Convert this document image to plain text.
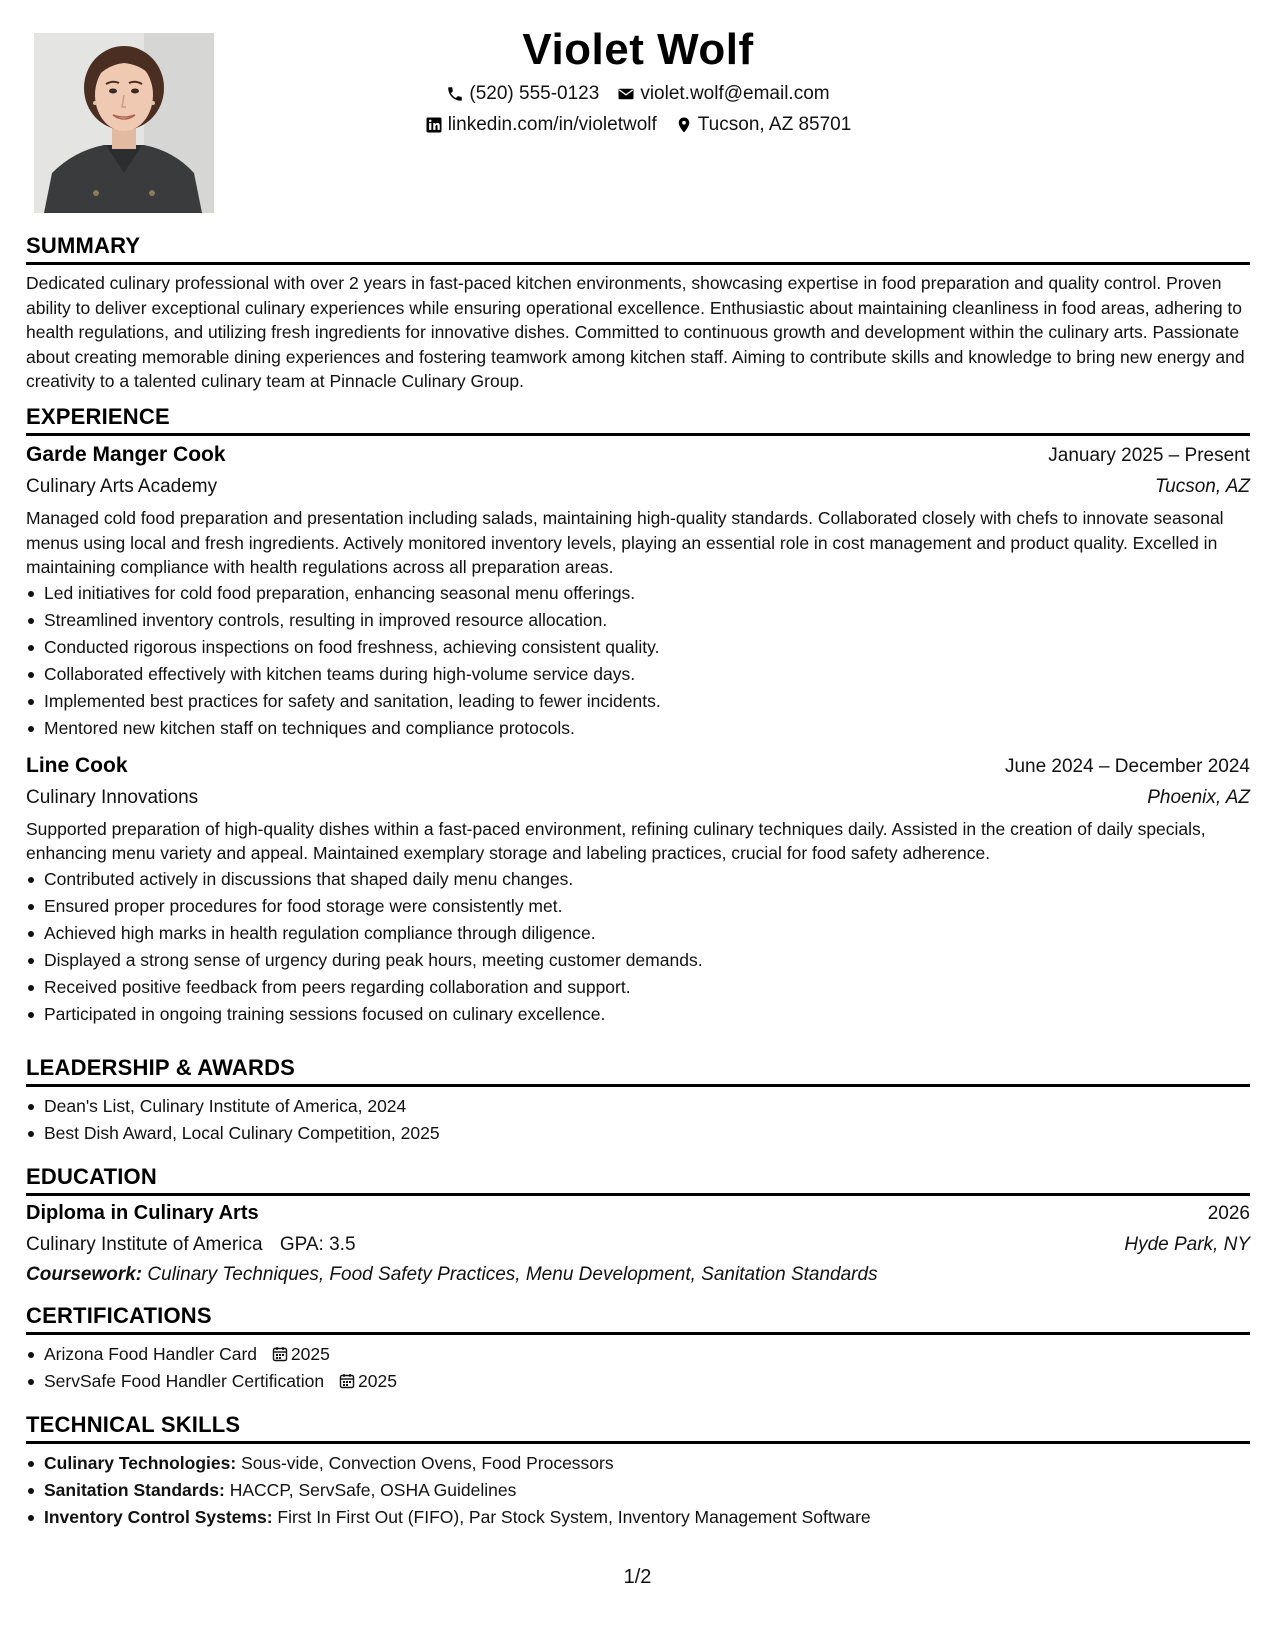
Violet Wolf
(520) 555-0123 violet.wolf@email.com
linkedin.com/in/violetwolf Tucson, AZ 85701
SUMMARY
Dedicated culinary professional with over 2 years in fast-paced kitchen environments, showcasing expertise in food preparation and quality control. Proven ability to deliver exceptional culinary experiences while ensuring operational excellence. Enthusiastic about maintaining cleanliness in food areas, adhering to health regulations, and utilizing fresh ingredients for innovative dishes. Committed to continuous growth and development within the culinary arts. Passionate about creating memorable dining experiences and fostering teamwork among kitchen staff. Aiming to contribute skills and knowledge to bring new energy and creativity to a talented culinary team at Pinnacle Culinary Group.
EXPERIENCE
Garde Manger Cook	January 2025 – Present
Culinary Arts Academy	Tucson, AZ
Managed cold food preparation and presentation including salads, maintaining high-quality standards. Collaborated closely with chefs to innovate seasonal menus using local and fresh ingredients. Actively monitored inventory levels, playing an essential role in cost management and product quality. Excelled in maintaining compliance with health regulations across all preparation areas.
Led initiatives for cold food preparation, enhancing seasonal menu offerings.
Streamlined inventory controls, resulting in improved resource allocation.
Conducted rigorous inspections on food freshness, achieving consistent quality.
Collaborated effectively with kitchen teams during high-volume service days.
Implemented best practices for safety and sanitation, leading to fewer incidents.
Mentored new kitchen staff on techniques and compliance protocols.
Line Cook	June 2024 – December 2024
Culinary Innovations	Phoenix, AZ
Supported preparation of high-quality dishes within a fast-paced environment, refining culinary techniques daily. Assisted in the creation of daily specials, enhancing menu variety and appeal. Maintained exemplary storage and labeling practices, crucial for food safety adherence.
Contributed actively in discussions that shaped daily menu changes.
Ensured proper procedures for food storage were consistently met.
Achieved high marks in health regulation compliance through diligence.
Displayed a strong sense of urgency during peak hours, meeting customer demands.
Received positive feedback from peers regarding collaboration and support.
Participated in ongoing training sessions focused on culinary excellence.
LEADERSHIP & AWARDS
Dean's List, Culinary Institute of America, 2024
Best Dish Award, Local Culinary Competition, 2025
EDUCATION
Diploma in Culinary Arts	2026
Culinary Institute of America GPA: 3.5	Hyde Park, NY
Coursework: Culinary Techniques, Food Safety Practices, Menu Development, Sanitation Standards
CERTIFICATIONS
Arizona Food Handler Card 2025
ServSafe Food Handler Certification 2025
TECHNICAL SKILLS
Culinary Technologies: Sous-vide, Convection Ovens, Food Processors
Sanitation Standards: HACCP, ServSafe, OSHA Guidelines
Inventory Control Systems: First In First Out (FIFO), Par Stock System, Inventory Management Software
1/2
